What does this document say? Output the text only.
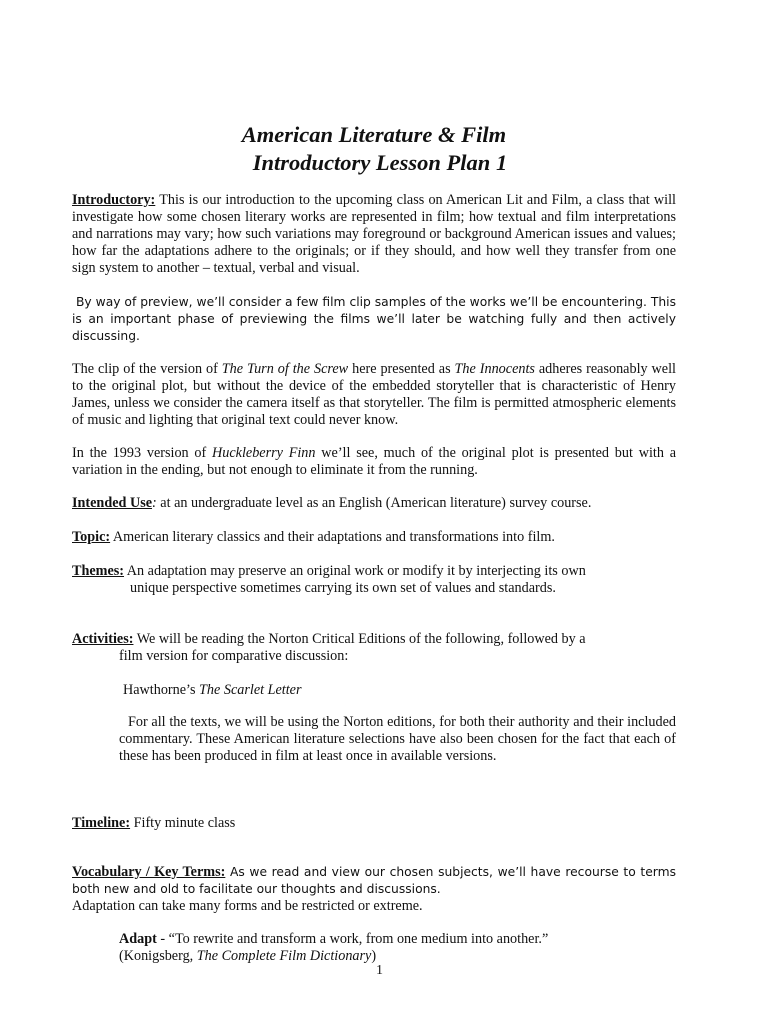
American Literature & Film
Introductory Lesson Plan 1
Introductory: This is our introduction to the upcoming class on American Lit and Film, a class that will investigate how some chosen literary works are represented in film; how textual and film interpretations and narrations may vary; how such variations may foreground or background American issues and values; how far the adaptations adhere to the originals; or if they should, and how well they transfer from one sign system to another – textual, verbal and visual.
By way of preview, we’ll consider a few film clip samples of the works we’ll be encountering. This is an important phase of previewing the films we’ll later be watching fully and then actively discussing.
The clip of the version of The Turn of the Screw here presented as The Innocents adheres reasonably well to the original plot, but without the device of the embedded storyteller that is characteristic of Henry James, unless we consider the camera itself as that storyteller. The film is permitted atmospheric elements of music and lighting that original text could never know.
In the 1993 version of Huckleberry Finn we’ll see, much of the original plot is presented but with a variation in the ending, but not enough to eliminate it from the running.
Intended Use: at an undergraduate level as an English (American literature) survey course.
Topic: American literary classics and their adaptations and transformations into film.

Themes: An adaptation may preserve an original work or modify it by interjecting its own

unique perspective sometimes carrying its own set of values and standards.

Activities: We will be reading the Norton Critical Editions of the following, followed by a

film version for comparative discussion:

Hawthorne’s The Scarlet Letter
For all the texts, we will be using the Norton editions, for both their authority and their included commentary. These American literature selections have also been chosen for the fact that each of these has been produced in film at least once in available versions.
Timeline: Fifty minute class

Vocabulary / Key Terms: As we read and view our chosen subjects, we’ll have recourse to terms both new and old to facilitate our thoughts and discussions.

Adaptation can take many forms and be restricted or extreme.

Adapt - “To rewrite and transform a work, from one medium into another.”

(Konigsberg, The Complete Film Dictionary)

1
